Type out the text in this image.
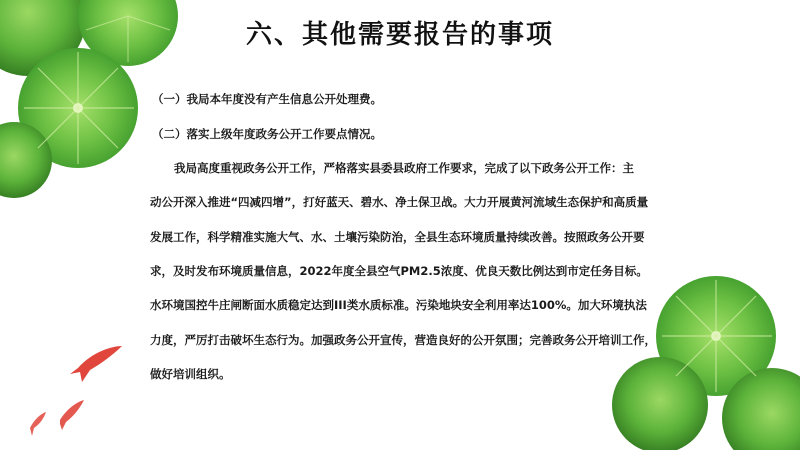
六、其他需要报告的事项
（一）我局本年度没有产生信息公开处理费。
（二）落实上级年度政务公开工作要点情况。
我局高度重视政务公开工作，严格落实县委县政府工作要求，完成了以下政务公开工作：主
动公开深入推进“四减四增”，打好蓝天、碧水、净土保卫战。大力开展黄河流域生态保护和高质量
发展工作，科学精准实施大气、水、土壤污染防治，全县生态环境质量持续改善。按照政务公开要
求，及时发布环境质量信息，2022年度全县空气PM2.5浓度、优良天数比例达到市定任务目标。
水环境国控牛庄闸断面水质稳定达到III类水质标准。污染地块安全利用率达100%。加大环境执法
力度，严厉打击破坏生态行为。加强政务公开宣传，营造良好的公开氛围；完善政务公开培训工作，
做好培训组织。
